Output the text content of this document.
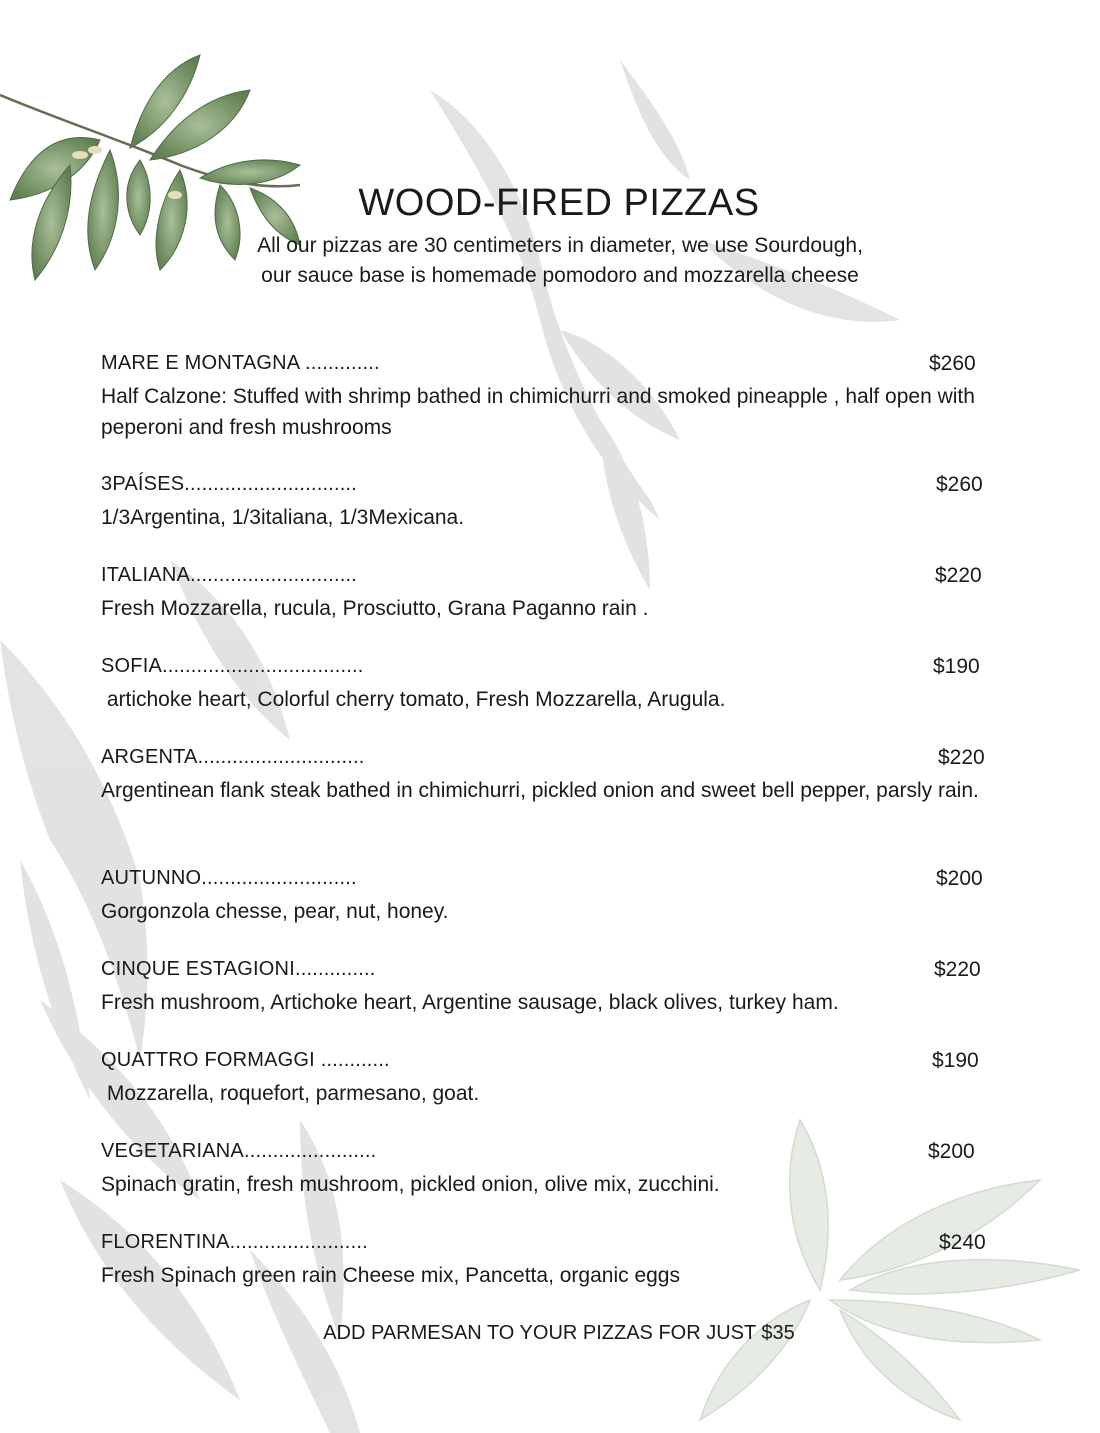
WOOD-FIRED PIZZAS

All our pizzas are 30 centimeters in diameter, we use Sourdough,
our sauce base is homemade pomodoro and mozzarella cheese

MARE E MONTAGNA .............	$260
Half Calzone: Stuffed with shrimp bathed in chimichurri and smoked pineapple , half open with peperoni and fresh mushrooms
3PAÍSES..............................	$260
1/3Argentina, 1/3italiana, 1/3Mexicana.
ITALIANA.............................	$220
Fresh Mozzarella, rucula, Prosciutto, Grana Paganno rain .
SOFIA...................................	$190
artichoke heart, Colorful cherry tomato, Fresh Mozzarella, Arugula.
ARGENTA.............................	$220
Argentinean flank steak bathed in chimichurri, pickled onion and sweet bell pepper, parsly rain.
AUTUNNO...........................	$200
Gorgonzola chesse, pear, nut, honey.
CINQUE ESTAGIONI..............	$220
Fresh mushroom, Artichoke heart, Argentine sausage, black olives, turkey ham.
QUATTRO FORMAGGI ............	$190
Mozzarella, roquefort, parmesano, goat.
VEGETARIANA.......................	$200
Spinach gratin, fresh mushroom, pickled onion, olive mix, zucchini.
FLORENTINA........................	$240
Fresh Spinach green rain Cheese mix, Pancetta, organic eggs
ADD PARMESAN TO YOUR PIZZAS FOR JUST $35
